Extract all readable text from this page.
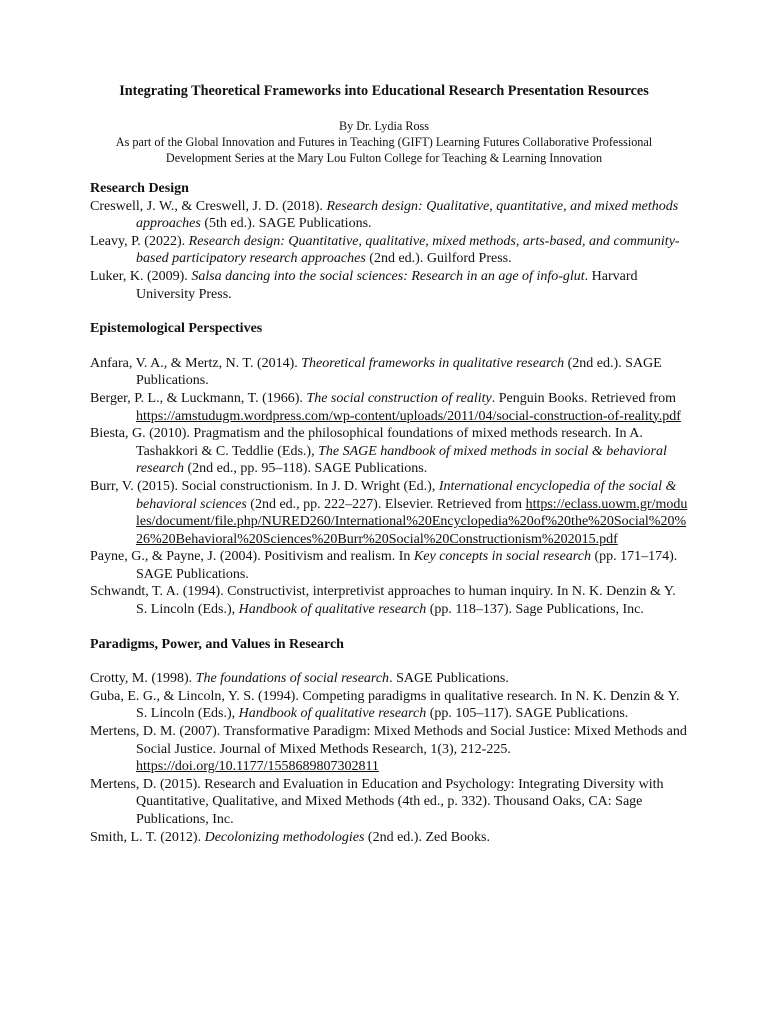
Integrating Theoretical Frameworks into Educational Research Presentation Resources
By Dr. Lydia Ross
As part of the Global Innovation and Futures in Teaching (GIFT) Learning Futures Collaborative Professional
Development Series at the Mary Lou Fulton College for Teaching & Learning Innovation

Research Design

Creswell, J. W., & Creswell, J. D. (2018). Research design: Qualitative, quantitative, and mixed methods approaches (5th ed.). SAGE Publications.

Leavy, P. (2022). Research design: Quantitative, qualitative, mixed methods, arts-based, and community-based participatory research approaches (2nd ed.). Guilford Press.

Luker, K. (2009). Salsa dancing into the social sciences: Research in an age of info-glut. Harvard University Press.

Epistemological Perspectives

Anfara, V. A., & Mertz, N. T. (2014). Theoretical frameworks in qualitative research (2nd ed.). SAGE Publications.

Berger, P. L., & Luckmann, T. (1966). The social construction of reality. Penguin Books. Retrieved from https://amstudugm.wordpress.com/wp-content/uploads/2011/04/social-construction-of-reality.pdf

Biesta, G. (2010). Pragmatism and the philosophical foundations of mixed methods research. In A. Tashakkori & C. Teddlie (Eds.), The SAGE handbook of mixed methods in social & behavioral research (2nd ed., pp. 95–118). SAGE Publications.

Burr, V. (2015). Social constructionism. In J. D. Wright (Ed.), International encyclopedia of the social & behavioral sciences (2nd ed., pp. 222–227). Elsevier. Retrieved from https://eclass.uowm.gr/modules/document/file.php/NURED260/International%20Encyclopedia%20of%20the%20Social%20%26%20Behavioral%20Sciences%20Burr%20Social%20Constructionism%202015.pdf

Payne, G., & Payne, J. (2004). Positivism and realism. In Key concepts in social research (pp. 171–174). SAGE Publications.

Schwandt, T. A. (1994). Constructivist, interpretivist approaches to human inquiry. In N. K. Denzin & Y. S. Lincoln (Eds.), Handbook of qualitative research (pp. 118–137). Sage Publications, Inc.

Paradigms, Power, and Values in Research

Crotty, M. (1998). The foundations of social research. SAGE Publications.

Guba, E. G., & Lincoln, Y. S. (1994). Competing paradigms in qualitative research. In N. K. Denzin & Y. S. Lincoln (Eds.), Handbook of qualitative research (pp. 105–117). SAGE Publications.

Mertens, D. M. (2007). Transformative Paradigm: Mixed Methods and Social Justice: Mixed Methods and Social Justice. Journal of Mixed Methods Research, 1(3), 212-225. https://doi.org/10.1177/1558689807302811

Mertens, D. (2015). Research and Evaluation in Education and Psychology: Integrating Diversity with Quantitative, Qualitative, and Mixed Methods (4th ed., p. 332). Thousand Oaks, CA: Sage Publications, Inc.

Smith, L. T. (2012). Decolonizing methodologies (2nd ed.). Zed Books.
